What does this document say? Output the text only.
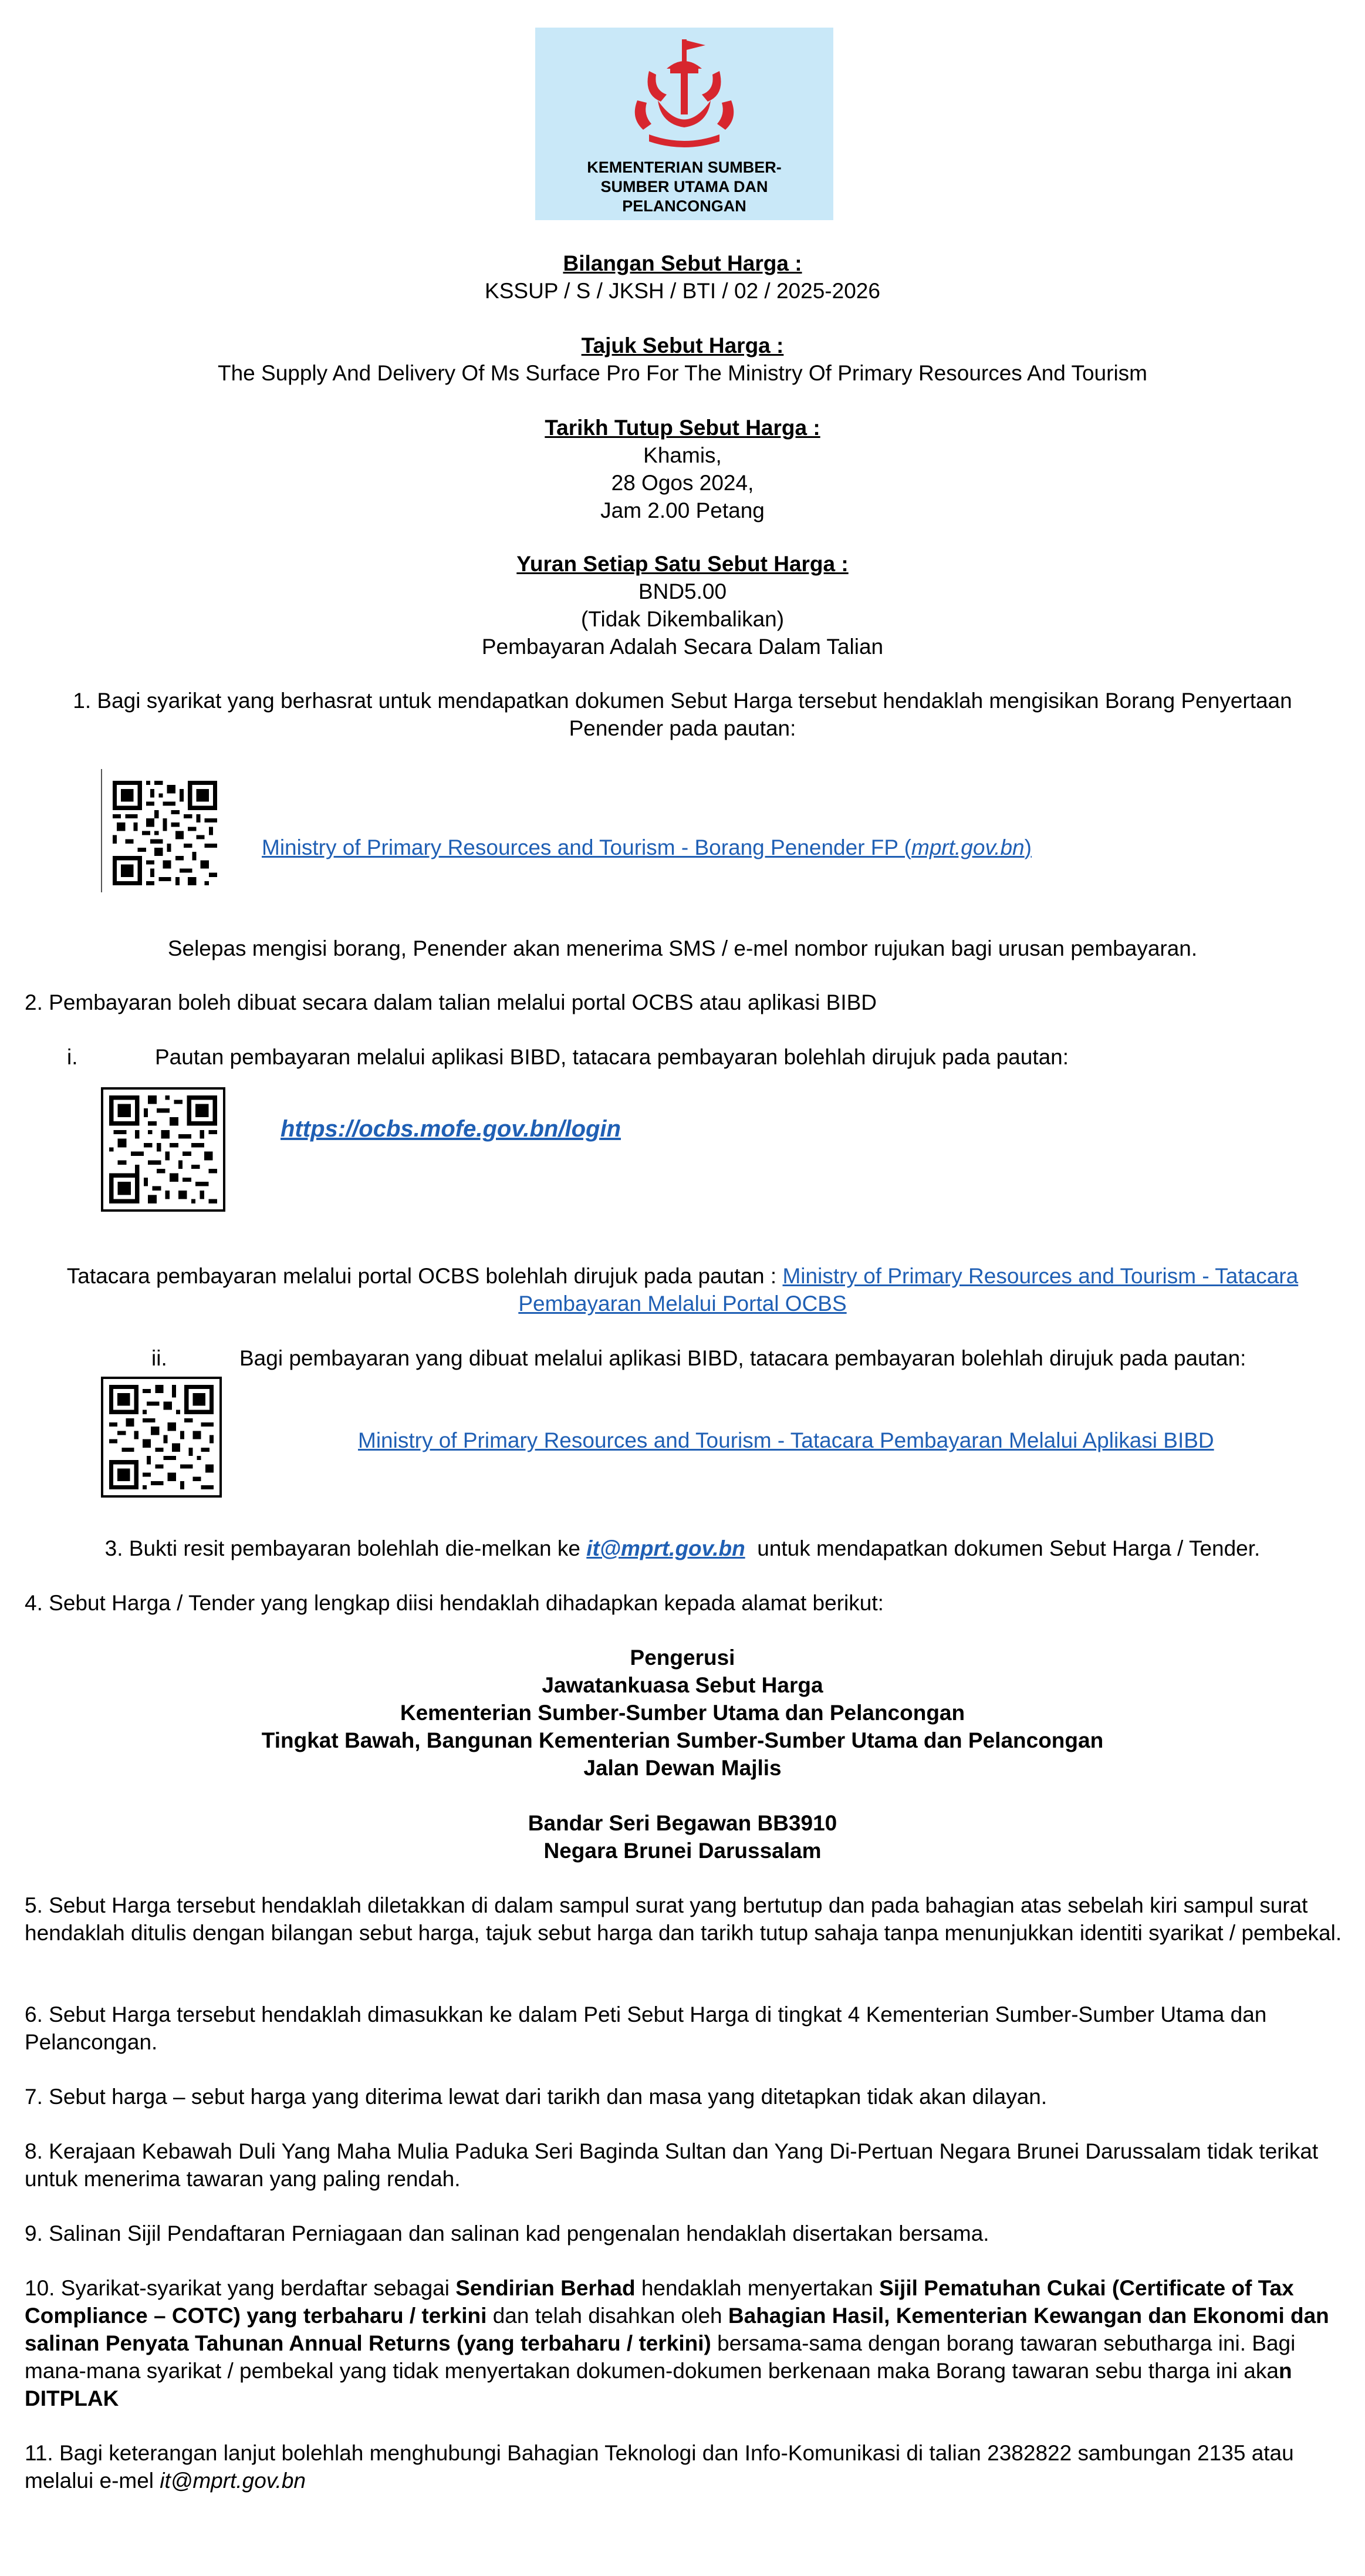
KEMENTERIAN SUMBER-
SUMBER UTAMA DAN
PELANCONGAN
Bilangan Sebut Harga :
KSSUP / S / JKSH / BTI / 02 / 2025-2026
Tajuk Sebut Harga :
The Supply And Delivery Of Ms Surface Pro For The Ministry Of Primary Resources And Tourism
Tarikh Tutup Sebut Harga :
Khamis,
28 Ogos 2024,
Jam 2.00 Petang
Yuran Setiap Satu Sebut Harga :
BND5.00
(Tidak Dikembalikan)
Pembayaran Adalah Secara Dalam Talian
1. Bagi syarikat yang berhasrat untuk mendapatkan dokumen Sebut Harga tersebut hendaklah mengisikan Borang Penyertaan
Penender pada pautan:
Ministry of Primary Resources and Tourism - Borang Penender FP (mprt.gov.bn)
Selepas mengisi borang, Penender akan menerima SMS / e-mel nombor rujukan bagi urusan pembayaran.
2. Pembayaran boleh dibuat secara dalam talian melalui portal OCBS atau aplikasi BIBD
i.	Pautan pembayaran melalui aplikasi BIBD, tatacara pembayaran bolehlah dirujuk pada pautan:
https://ocbs.mofe.gov.bn/login
Tatacara pembayaran melalui portal OCBS bolehlah dirujuk pada pautan : Ministry of Primary Resources and Tourism - Tatacara
Pembayaran Melalui Portal OCBS
ii.	Bagi pembayaran yang dibuat melalui aplikasi BIBD, tatacara pembayaran bolehlah dirujuk pada pautan:
Ministry of Primary Resources and Tourism - Tatacara Pembayaran Melalui Aplikasi BIBD
3. Bukti resit pembayaran bolehlah die-melkan ke it@mprt.gov.bn untuk mendapatkan dokumen Sebut Harga / Tender.
4. Sebut Harga / Tender yang lengkap diisi hendaklah dihadapkan kepada alamat berikut:
Pengerusi
Jawatankuasa Sebut Harga
Kementerian Sumber-Sumber Utama dan Pelancongan
Tingkat Bawah, Bangunan Kementerian Sumber-Sumber Utama dan Pelancongan
Jalan Dewan Majlis
Bandar Seri Begawan BB3910
Negara Brunei Darussalam
5. Sebut Harga tersebut hendaklah diletakkan di dalam sampul surat yang bertutup dan pada bahagian atas sebelah kiri sampul surat hendaklah ditulis dengan bilangan sebut harga, tajuk sebut harga dan tarikh tutup sahaja tanpa menunjukkan identiti syarikat / pembekal.
6. Sebut Harga tersebut hendaklah dimasukkan ke dalam Peti Sebut Harga di tingkat 4 Kementerian Sumber-Sumber Utama dan Pelancongan.
7. Sebut harga – sebut harga yang diterima lewat dari tarikh dan masa yang ditetapkan tidak akan dilayan.
8. Kerajaan Kebawah Duli Yang Maha Mulia Paduka Seri Baginda Sultan dan Yang Di-Pertuan Negara Brunei Darussalam tidak terikat untuk menerima tawaran yang paling rendah.
9. Salinan Sijil Pendaftaran Perniagaan dan salinan kad pengenalan hendaklah disertakan bersama.
10. Syarikat-syarikat yang berdaftar sebagai Sendirian Berhad hendaklah menyertakan Sijil Pematuhan Cukai (Certificate of Tax Compliance – COTC) yang terbaharu / terkini dan telah disahkan oleh Bahagian Hasil, Kementerian Kewangan dan Ekonomi dan salinan Penyata Tahunan Annual Returns (yang terbaharu / terkini) bersama-sama dengan borang tawaran sebutharga ini. Bagi mana-mana syarikat / pembekal yang tidak menyertakan dokumen-dokumen berkenaan maka Borang tawaran sebu tharga ini akan DITPLAK
11. Bagi keterangan lanjut bolehlah menghubungi Bahagian Teknologi dan Info-Komunikasi di talian 2382822 sambungan 2135 atau melalui e-mel it@mprt.gov.bn
